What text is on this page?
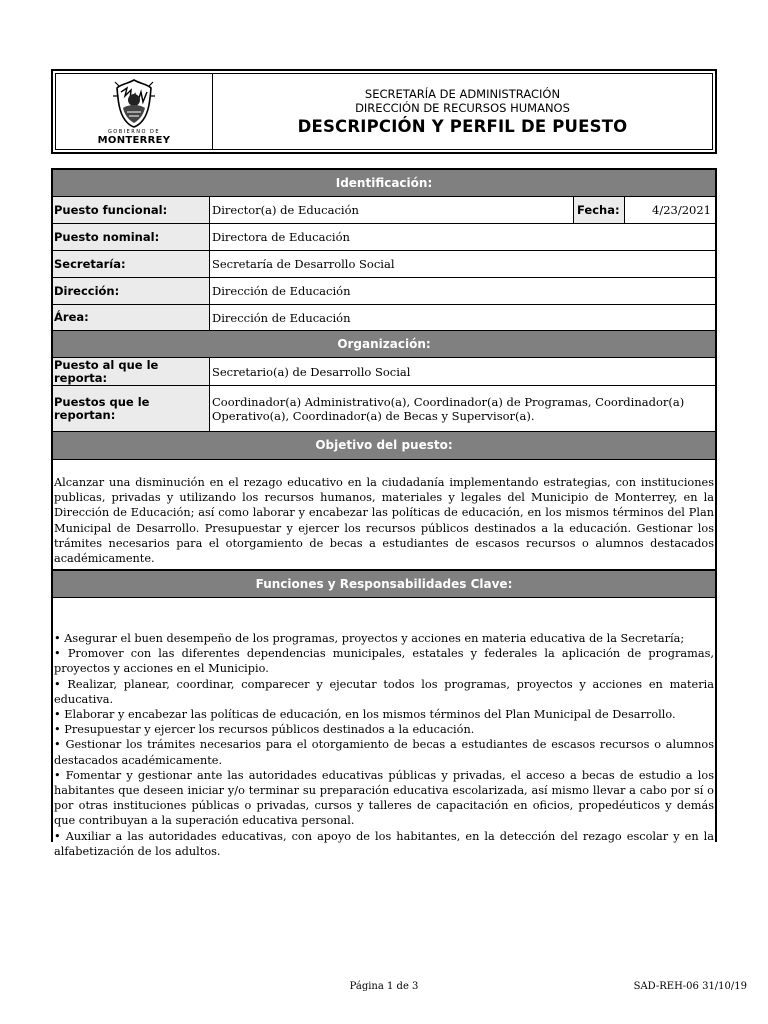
GOBIERNO DE
MONTERREY
SECRETARÍA DE ADMINISTRACIÓN
DIRECCIÓN DE RECURSOS HUMANOS
DESCRIPCIÓN Y PERFIL DE PUESTO
Identificación:
Puesto funcional:	Director(a) de Educación	Fecha:	4/23/2021
Puesto nominal:	Directora de Educación
Secretaría:	Secretaría de Desarrollo Social
Dirección:	Dirección de Educación
Área:	Dirección de Educación
Organización:
Puesto al que le reporta:	Secretario(a) de Desarrollo Social
Puestos que le reportan:
Coordinador(a) Administrativo(a), Coordinador(a) de Programas, Coordinador(a) Operativo(a), Coordinador(a) de Becas y Supervisor(a).
Objetivo del puesto:
Alcanzar una disminución en el rezago educativo en la ciudadanía implementando estrategias, con instituciones publicas, privadas y utilizando los recursos humanos, materiales y legales del Municipio de Monterrey, en la Dirección de Educación; así como laborar y encabezar las políticas de educación, en los mismos términos del Plan Municipal de Desarrollo. Presupuestar y ejercer los recursos públicos destinados a la educación. Gestionar los trámites necesarios para el otorgamiento de becas a estudiantes de escasos recursos o alumnos destacados académicamente.
Funciones y Responsabilidades Clave:
• Asegurar el buen desempeño de los programas, proyectos y acciones en materia educativa de la Secretaría;
• Promover con las diferentes dependencias municipales, estatales y federales la aplicación de programas, proyectos y acciones en el Municipio.
• Realizar, planear, coordinar, comparecer y ejecutar todos los programas, proyectos y acciones en materia educativa.
• Elaborar y encabezar las políticas de educación, en los mismos términos del Plan Municipal de Desarrollo.
• Presupuestar y ejercer los recursos públicos destinados a la educación.
• Gestionar los trámites necesarios para el otorgamiento de becas a estudiantes de escasos recursos o alumnos destacados académicamente.
• Fomentar y gestionar ante las autoridades educativas públicas y privadas, el acceso a becas de estudio a los habitantes que deseen iniciar y/o terminar su preparación educativa escolarizada, así mismo llevar a cabo por sí o por otras instituciones públicas o privadas, cursos y talleres de capacitación en oficios, propedéuticos y demás que contribuyan a la superación educativa personal.
• Auxiliar a las autoridades educativas, con apoyo de los habitantes, en la detección del rezago escolar y en la alfabetización de los adultos.
Página 1 de 3	SAD-REH-06 31/10/19
